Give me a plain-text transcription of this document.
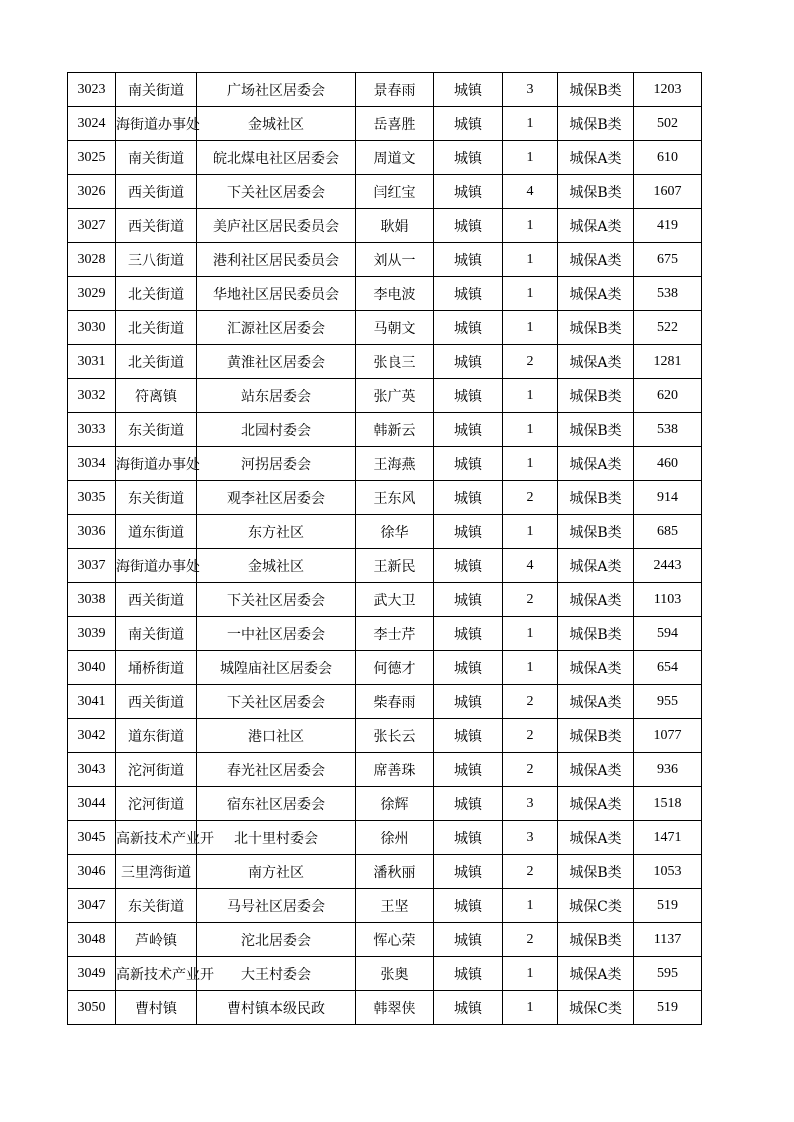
3023	南关街道	广场社区居委会	景春雨	城镇	3	城保B类	1203
3024	海街道办事处	金城社区	岳喜胜	城镇	1	城保B类	502
3025	南关街道	皖北煤电社区居委会	周道文	城镇	1	城保A类	610
3026	西关街道	下关社区居委会	闫红宝	城镇	4	城保B类	1607
3027	西关街道	美庐社区居民委员会	耿娟	城镇	1	城保A类	419
3028	三八街道	港利社区居民委员会	刘从一	城镇	1	城保A类	675
3029	北关街道	华地社区居民委员会	李电波	城镇	1	城保A类	538
3030	北关街道	汇源社区居委会	马朝文	城镇	1	城保B类	522
3031	北关街道	黄淮社区居委会	张良三	城镇	2	城保A类	1281
3032	符离镇	站东居委会	张广英	城镇	1	城保B类	620
3033	东关街道	北园村委会	韩新云	城镇	1	城保B类	538
3034	海街道办事处	河拐居委会	王海燕	城镇	1	城保A类	460
3035	东关街道	观李社区居委会	王东风	城镇	2	城保B类	914
3036	道东街道	东方社区	徐华	城镇	1	城保B类	685
3037	海街道办事处	金城社区	王新民	城镇	4	城保A类	2443
3038	西关街道	下关社区居委会	武大卫	城镇	2	城保A类	1103
3039	南关街道	一中社区居委会	李士芹	城镇	1	城保B类	594
3040	埇桥街道	城隍庙社区居委会	何德才	城镇	1	城保A类	654
3041	西关街道	下关社区居委会	柴春雨	城镇	2	城保A类	955
3042	道东街道	港口社区	张长云	城镇	2	城保B类	1077
3043	沱河街道	春光社区居委会	席善珠	城镇	2	城保A类	936
3044	沱河街道	宿东社区居委会	徐辉	城镇	3	城保A类	1518
3045	高新技术产业开	北十里村委会	徐州	城镇	3	城保A类	1471
3046	三里湾街道	南方社区	潘秋丽	城镇	2	城保B类	1053
3047	东关街道	马号社区居委会	王坚	城镇	1	城保C类	519
3048	芦岭镇	沱北居委会	恽心荣	城镇	2	城保B类	1137
3049	高新技术产业开	大王村委会	张奥	城镇	1	城保A类	595
3050	曹村镇	曹村镇本级民政	韩翠侠	城镇	1	城保C类	519
